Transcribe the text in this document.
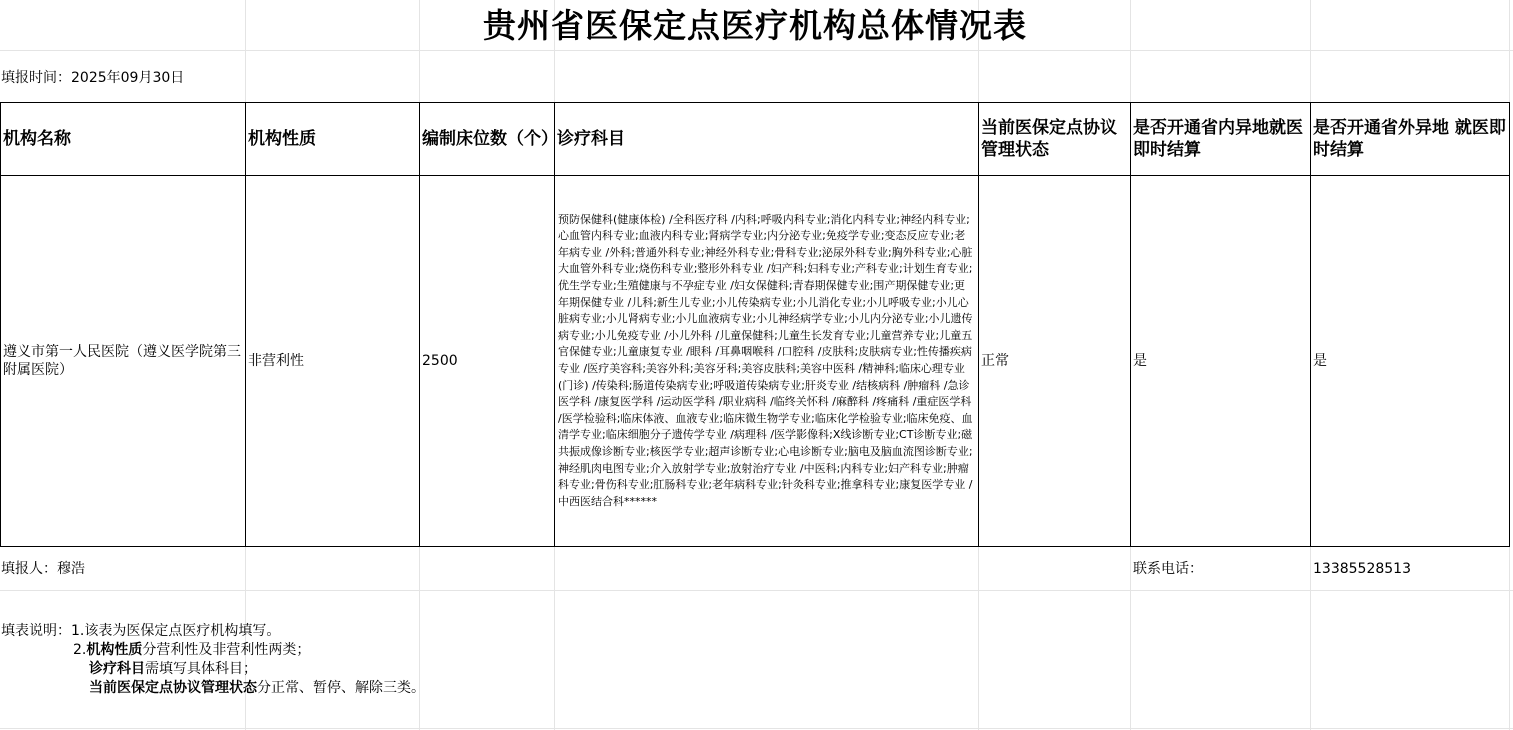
贵州省医保定点医疗机构总体情况表
填报时间：2025年09月30日
机构名称	机构性质	编制床位数（个）	诊疗科目	当前医保定点协议管理状态	是否开通省内异地就医即时结算	是否开通省外异地 就医即时结算
遵义市第一人民医院（遵义医学院第三附属医院）	非营利性	2500	预防保健科(健康体检) /全科医疗科 /内科;呼吸内科专业;消化内科专业;神经内科专业;心血管内科专业;血液内科专业;肾病学专业;内分泌专业;免疫学专业;变态反应专业;老年病专业 /外科;普通外科专业;神经外科专业;骨科专业;泌尿外科专业;胸外科专业;心脏大血管外科专业;烧伤科专业;整形外科专业 /妇产科;妇科专业;产科专业;计划生育专业;优生学专业;生殖健康与不孕症专业 /妇女保健科;青春期保健专业;围产期保健专业;更年期保健专业 /儿科;新生儿专业;小儿传染病专业;小儿消化专业;小儿呼吸专业;小儿心脏病专业;小儿肾病专业;小儿血液病专业;小儿神经病学专业;小儿内分泌专业;小儿遗传病专业;小儿免疫专业 /小儿外科 /儿童保健科;儿童生长发育专业;儿童营养专业;儿童五官保健专业;儿童康复专业 /眼科 /耳鼻咽喉科 /口腔科 /皮肤科;皮肤病专业;性传播疾病专业 /医疗美容科;美容外科;美容牙科;美容皮肤科;美容中医科 /精神科;临床心理专业(门诊) /传染科;肠道传染病专业;呼吸道传染病专业;肝炎专业 /结核病科 /肿瘤科 /急诊医学科 /康复医学科 /运动医学科 /职业病科 /临终关怀科 /麻醉科 /疼痛科 /重症医学科 /医学检验科;临床体液、血液专业;临床微生物学专业;临床化学检验专业;临床免疫、血清学专业;临床细胞分子遗传学专业 /病理科 /医学影像科;X线诊断专业;CT诊断专业;磁共振成像诊断专业;核医学专业;超声诊断专业;心电诊断专业;脑电及脑血流图诊断专业;神经肌肉电图专业;介入放射学专业;放射治疗专业 /中医科;内科专业;妇产科专业;肿瘤科专业;骨伤科专业;肛肠科专业;老年病科专业;针灸科专业;推拿科专业;康复医学专业 /中西医结合科******	正常	是	是
填报人：穆浩	联系电话：	13385528513
填表说明：1.该表为医保定点医疗机构填写。
2.机构性质分营利性及非营利性两类；
诊疗科目需填写具体科目；
当前医保定点协议管理状态分正常、暂停、解除三类。
